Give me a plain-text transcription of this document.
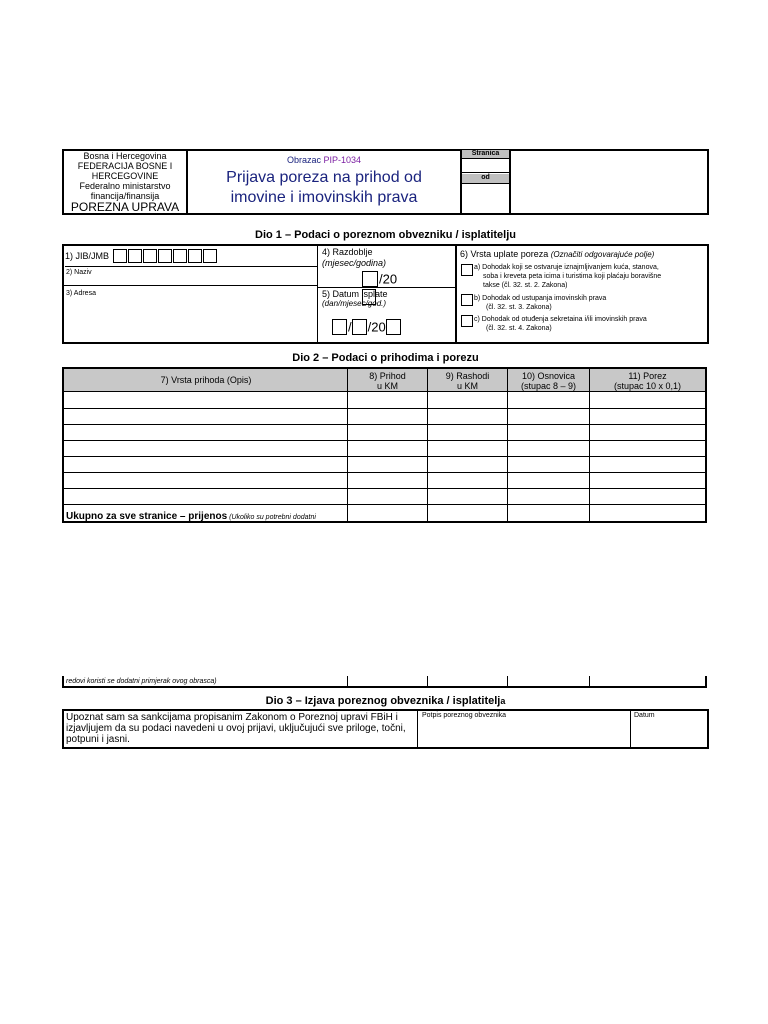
Bosna i Hercegovina
FEDERACIJA BOSNE I
HERCEGOVINE
Federalno ministarstvo
financija/finansija
POREZNA UPRAVA
Obrazac PIP-1034
Prijava poreza na prihod od
imovine i imovinskih prava
Stranica
od
Dio 1 – Podaci o poreznom obvezniku / isplatitelju
1) JIB/JMB
2) Naziv
3) Adresa
4) Razdoblje
(mjesec/godina)
/20
5) Datum isplate
(dan/mjesec/god.)
/ /20
6) Vrsta uplate poreza (Označiti odgovarajuće polje)
a) Dohodak koji se ostvaruje iznajmljivanjem kuća, stanova,
soba i kreveta peta icima i turistima koji plaćaju boravišne
takse (čl. 32. st. 2. Zakona)
b) Dohodak od ustupanja imovinskih prava
(čl. 32. st. 3. Zakona)
c) Dohodak od otuđenja sekretaina i/ili imovinskih prava
(čl. 32. st. 4. Zakona)
Dio 2 – Podaci o prihodima i porezu
7) Vrsta prihoda (Opis)	8) Prihod
u KM
9) Rashodi
u KM
10) Osnovica
(stupac 8 – 9)
11) Porez
(stupac 10 x 0,1)
Ukupno za sve stranice – prijenos (Ukoliko su potrebni dodatni
redovi koristi se dodatni primjerak ovog obrasca)
Dio 3 – Izjava poreznog obveznika / isplatitelja
Upoznat sam sa sankcijama propisanim Zakonom o Poreznoj upravi FBiH i izjavljujem da su podaci navedeni u ovoj prijavi, uključujući sve priloge, točni, potpuni i jasni.
Potpis poreznog obveznika	Datum
